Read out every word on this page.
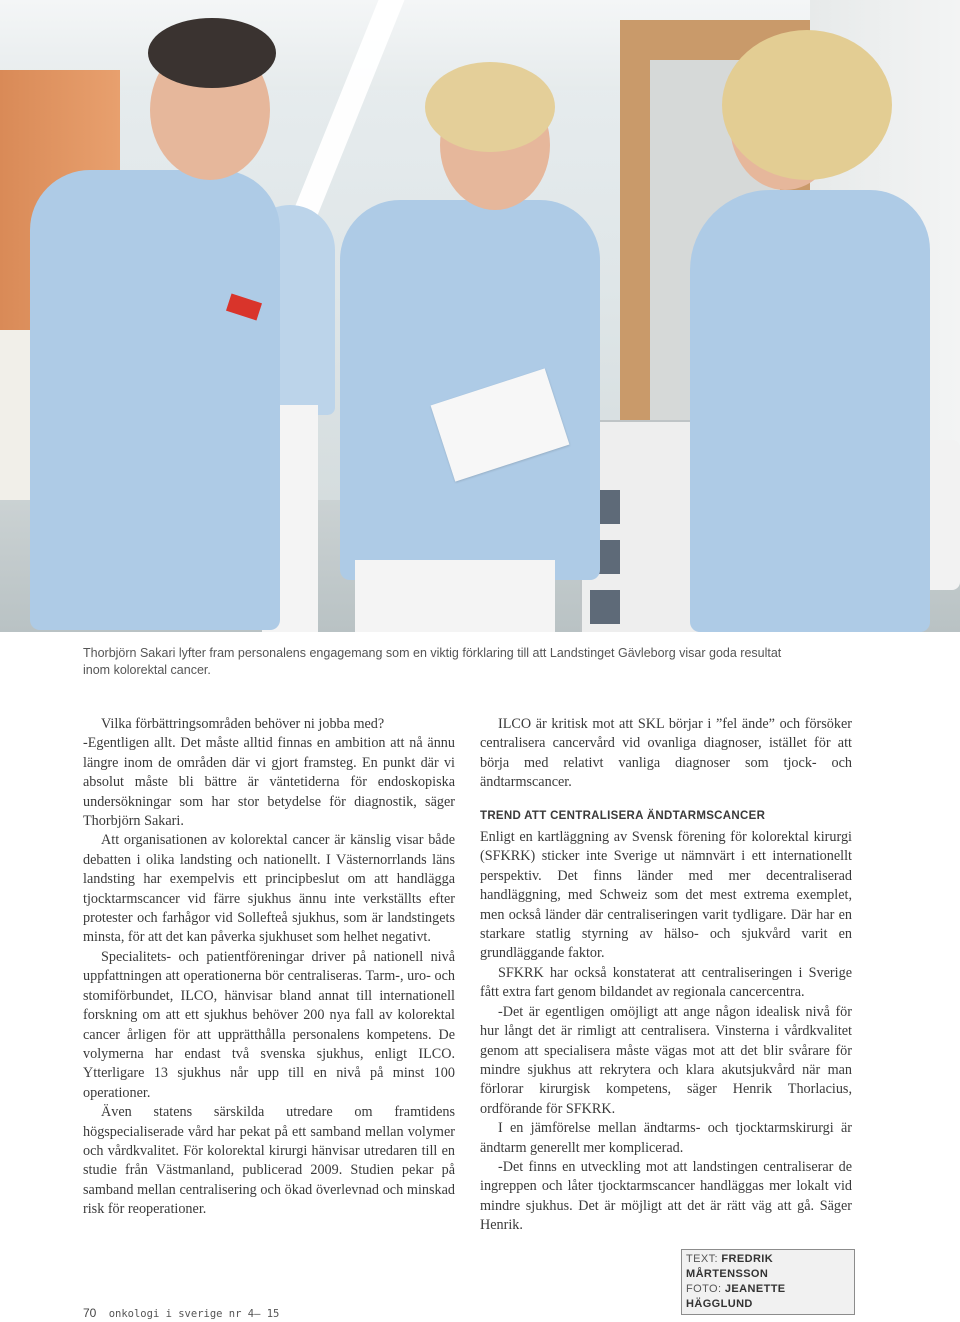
Thorbjörn Sakari lyfter fram personalens engagemang som en viktig förklaring till att Landstinget Gävleborg visar goda resultat inom kolorektal cancer.

Vilka förbättringsområden behöver ni jobba med?

-Egentligen allt. Det måste alltid finnas en ambition att nå ännu längre inom de områden där vi gjort framsteg. En punkt där vi absolut måste bli bättre är väntetiderna för endoskopiska undersökningar som har stor betydelse för diagnostik, säger Thorbjörn Sakari.

Att organisationen av kolorektal cancer är känslig visar både debatten i olika landsting och nationellt. I Västernorrlands läns landsting har exempelvis ett principbeslut om att handlägga tjocktarmscancer vid färre sjukhus ännu inte verkställts efter protester och farhågor vid Sollefteå sjukhus, som är landstingets minsta, för att det kan påverka sjukhuset som helhet negativt.

Specialitets- och patientföreningar driver på nationell nivå uppfattningen att operationerna bör centraliseras. Tarm-, uro- och stomiförbundet, ILCO, hänvisar bland annat till internationell forskning om att ett sjukhus behöver 200 nya fall av kolorektal cancer årligen för att upprätthålla personalens kompetens. De volymerna har endast två svenska sjukhus, enligt ILCO. Ytterligare 13 sjukhus når upp till en nivå på minst 100 operationer.

Även statens särskilda utredare om framtidens högspecialiserade vård har pekat på ett samband mellan volymer och vårdkvalitet. För kolorektal kirurgi hänvisar utredaren till en studie från Västmanland, publicerad 2009. Studien pekar på samband mellan centralisering och ökad överlevnad och minskad risk för reoperationer.

ILCO är kritisk mot att SKL börjar i ”fel ände” och försöker centralisera cancervård vid ovanliga diagnoser, istället för att börja med relativt vanliga diagnoser som tjock- och ändtarmscancer.

TREND ATT CENTRALISERA ÄNDTARMSCANCER

Enligt en kartläggning av Svensk förening för kolorektal kirurgi (SFKRK) sticker inte Sverige ut nämnvärt i ett internationellt perspektiv. Det finns länder med mer decentraliserad handläggning, med Schweiz som det mest extrema exemplet, men också länder där centraliseringen varit tydligare. Där har en starkare statlig styrning av hälso- och sjukvård varit en grundläggande faktor.

SFKRK har också konstaterat att centraliseringen i Sverige fått extra fart genom bildandet av regionala cancercentra.

-Det är egentligen omöjligt att ange någon idealisk nivå för hur långt det är rimligt att centralisera. Vinsterna i vårdkvalitet genom att specialisera måste vägas mot att det blir svårare för mindre sjukhus att rekrytera och klara akutsjukvård när man förlorar kirurgisk kompetens, säger Henrik Thorlacius, ordförande för SFKRK.

I en jämförelse mellan ändtarms- och tjocktarmskirurgi är ändtarm generellt mer komplicerad.

-Det finns en utveckling mot att landstingen centraliserar de ingreppen och låter tjocktarmscancer handläggas mer lokalt vid mindre sjukhus. Det är möjligt att det är rätt väg att gå. Säger Henrik.

TEXT: FREDRIK MÅRTENSSON
FOTO: JEANETTE HÄGGLUND
70 onkologi i sverige nr 4– 15
